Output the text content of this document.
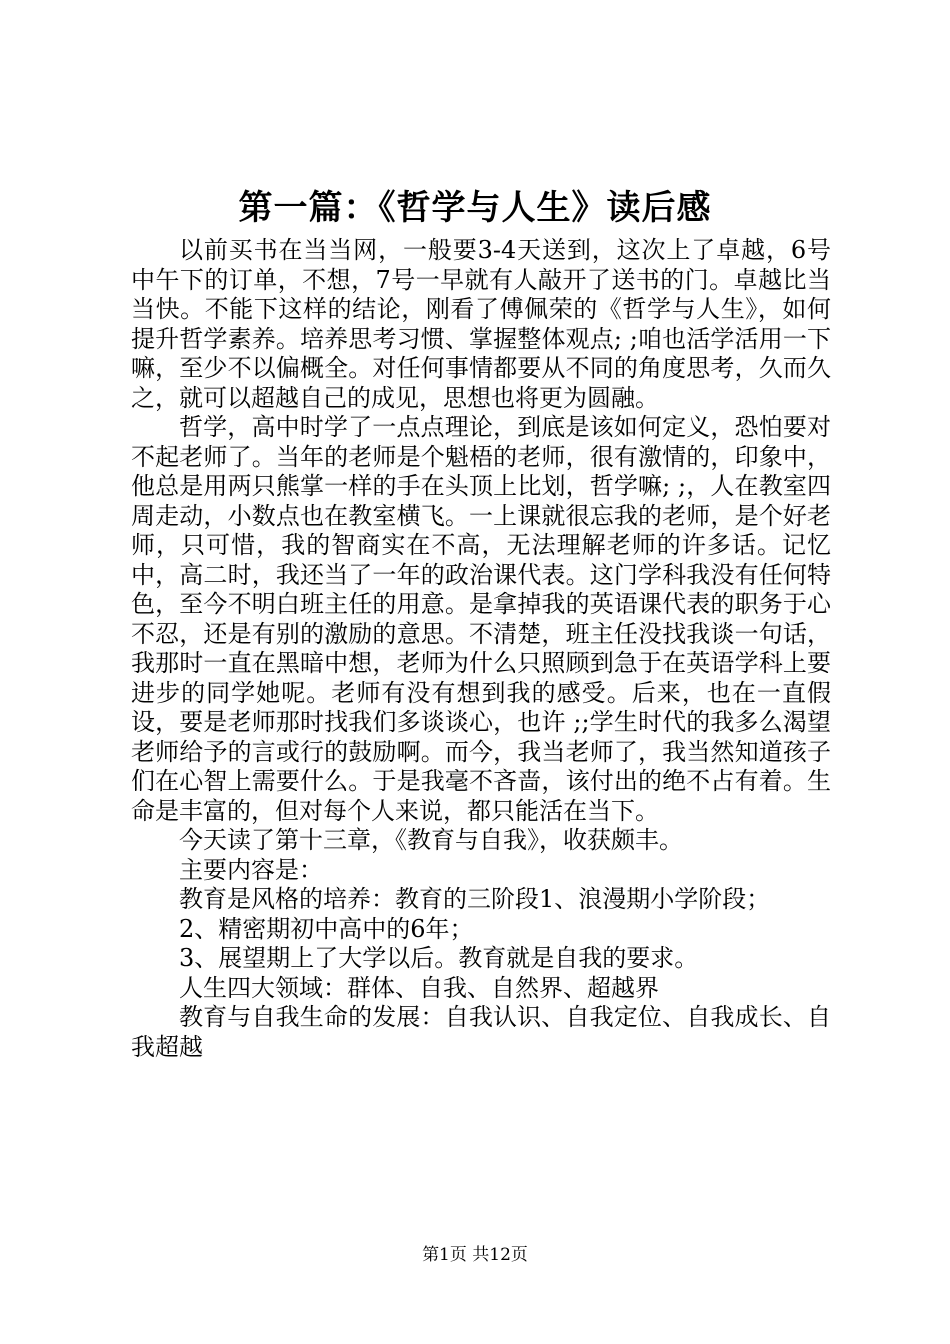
第一篇：《哲学与人生》读后感

以前买书在当当网，一般要3-4天送到，这次上了卓越，6号中午下的订单，不想，7号一早就有人敲开了送书的门。卓越比当当快。不能下这样的结论，刚看了傅佩荣的《哲学与人生》，如何提升哲学素养。培养思考习惯、掌握整体观点; ;咱也活学活用一下嘛，至少不以偏概全。对任何事情都要从不同的角度思考，久而久之，就可以超越自己的成见，思想也将更为圆融。

哲学，高中时学了一点点理论，到底是该如何定义，恐怕要对不起老师了。当年的老师是个魁梧的老师，很有激情的，印象中，他总是用两只熊掌一样的手在头顶上比划，哲学嘛; ;，人在教室四周走动，小数点也在教室横飞。一上课就很忘我的老师，是个好老师，只可惜，我的智商实在不高，无法理解老师的许多话。记忆中，高二时，我还当了一年的政治课代表。这门学科我没有任何特色，至今不明白班主任的用意。是拿掉我的英语课代表的职务于心不忍，还是有别的激励的意思。不清楚，班主任没找我谈一句话，我那时一直在黑暗中想，老师为什么只照顾到急于在英语学科上要进步的同学她呢。老师有没有想到我的感受。后来，也在一直假设，要是老师那时找我们多谈谈心，也许 ;;学生时代的我多么渴望老师给予的言或行的鼓励啊。而今，我当老师了，我当然知道孩子们在心智上需要什么。于是我毫不吝啬，该付出的绝不占有着。生命是丰富的，但对每个人来说，都只能活在当下。

今天读了第十三章，《教育与自我》，收获颇丰。

主要内容是：

教育是风格的培养：教育的三阶段1、浪漫期小学阶段；

2、精密期初中高中的6年；

3、展望期上了大学以后。教育就是自我的要求。

人生四大领域：群体、自我、自然界、超越界

教育与自我生命的发展：自我认识、自我定位、自我成长、自我超越

第1页 共12页
